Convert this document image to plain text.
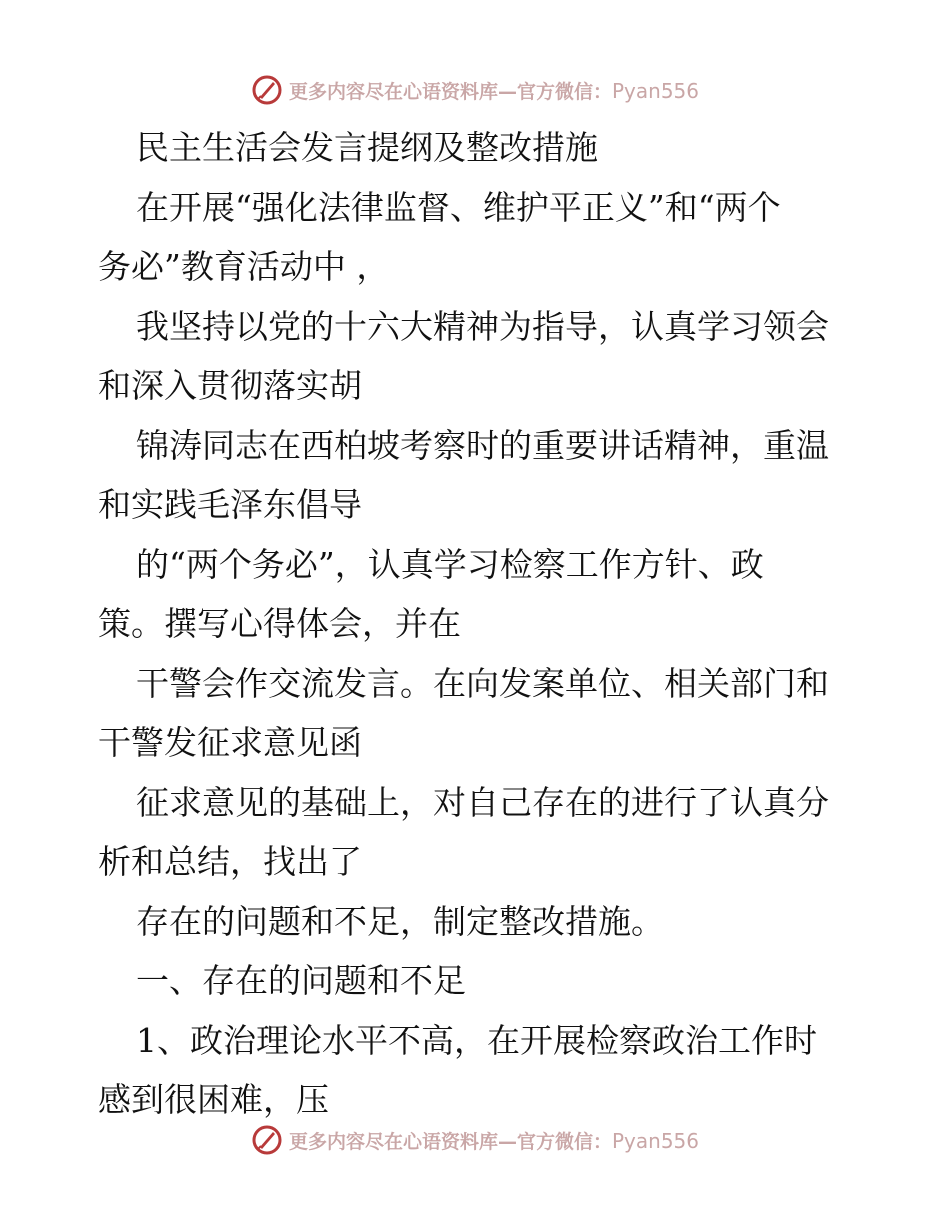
更多内容尽在心语资料库—官方微信：Pyan556
民主生活会发言提纲及整改措施
在开展“强化法律监督、维护平正义”和“两个
务必”教育活动中 ，
我坚持以党的十六大精神为指导，认真学习领会
和深入贯彻落实胡
锦涛同志在西柏坡考察时的重要讲话精神，重温
和实践毛泽东倡导
的“两个务必”，认真学习检察工作方针、政
策。撰写心得体会，并在
干警会作交流发言。在向发案单位、相关部门和
干警发征求意见函
征求意见的基础上，对自己存在的进行了认真分
析和总结，找出了
存在的问题和不足，制定整改措施。
一、存在的问题和不足
1、政治理论水平不高，在开展检察政治工作时
感到很困难，压
更多内容尽在心语资料库—官方微信：Pyan556
